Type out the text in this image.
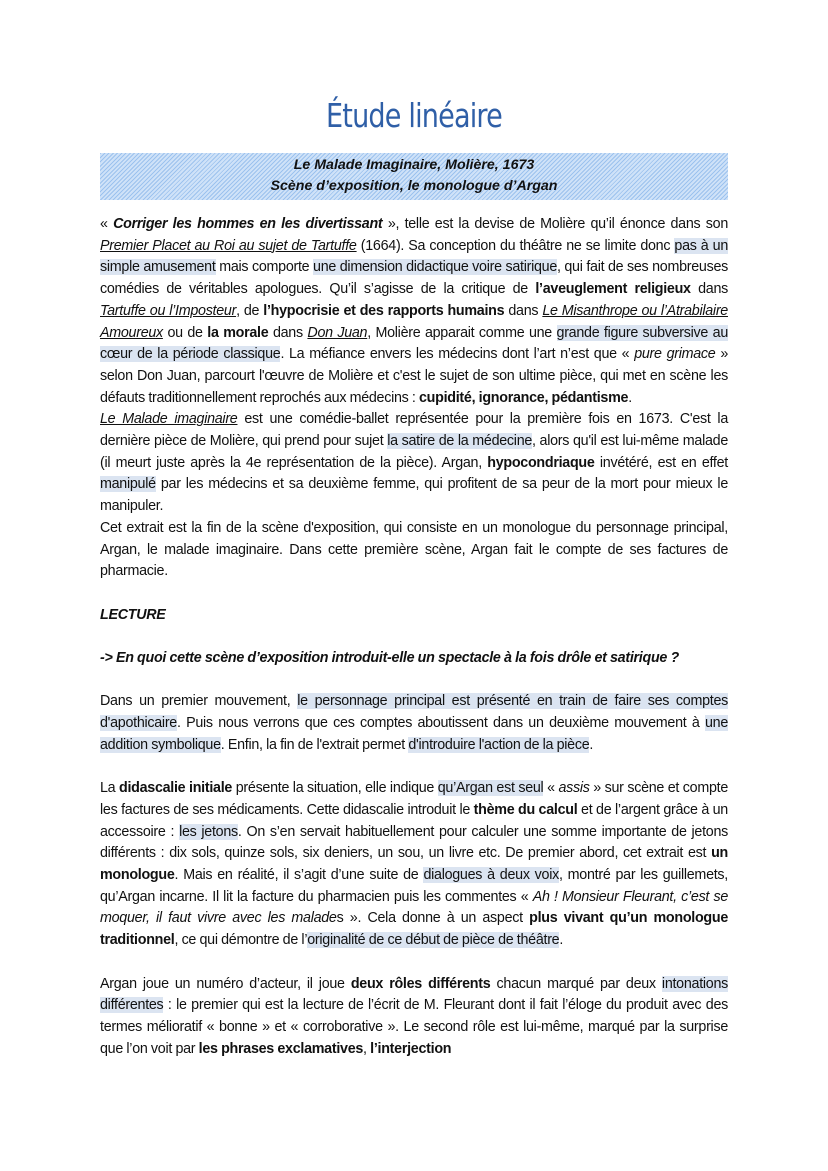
Étude linéaire
Le Malade Imaginaire, Molière, 1673
Scène d’exposition, le monologue d’Argan

« Corriger les hommes en les divertissant », telle est la devise de Molière qu’il énonce dans son Premier Placet au Roi au sujet de Tartuffe (1664). Sa conception du théâtre ne se limite donc pas à un simple amusement mais comporte une dimension didactique voire satirique, qui fait de ses nombreuses comédies de véritables apologues. Qu’il s’agisse de la critique de l’aveuglement religieux dans Tartuffe ou l’Imposteur, de l’hypocrisie et des rapports humains dans Le Misanthrope ou l’Atrabilaire Amoureux ou de la morale dans Don Juan, Molière apparait comme une grande figure subversive au cœur de la période classique. La méfiance envers les médecins dont l’art n’est que « pure grimace » selon Don Juan, parcourt l'œuvre de Molière et c'est le sujet de son ultime pièce, qui met en scène les défauts traditionnellement reprochés aux médecins : cupidité, ignorance, pédantisme.

Le Malade imaginaire est une comédie-ballet représentée pour la première fois en 1673. C'est la dernière pièce de Molière, qui prend pour sujet la satire de la médecine, alors qu'il est lui-même malade (il meurt juste après la 4e représentation de la pièce). Argan, hypocondriaque invétéré, est en effet manipulé par les médecins et sa deuxième femme, qui profitent de sa peur de la mort pour mieux le manipuler.

Cet extrait est la fin de la scène d'exposition, qui consiste en un monologue du personnage principal, Argan, le malade imaginaire. Dans cette première scène, Argan fait le compte de ses factures de pharmacie.

LECTURE

-> En quoi cette scène d’exposition introduit-elle un spectacle à la fois drôle et satirique ?

Dans un premier mouvement, le personnage principal est présenté en train de faire ses comptes d'apothicaire. Puis nous verrons que ces comptes aboutissent dans un deuxième mouvement à une addition symbolique. Enfin, la fin de l'extrait permet d'introduire l'action de la pièce.

La didascalie initiale présente la situation, elle indique qu’Argan est seul « assis » sur scène et compte les factures de ses médicaments. Cette didascalie introduit le thème du calcul et de l’argent grâce à un accessoire : les jetons. On s’en servait habituellement pour calculer une somme importante de jetons différents : dix sols, quinze sols, six deniers, un sou, un livre etc. De premier abord, cet extrait est un monologue. Mais en réalité, il s’agit d’une suite de dialogues à deux voix, montré par les guillemets, qu’Argan incarne. Il lit la facture du pharmacien puis les commentes « Ah ! Monsieur Fleurant, c’est se moquer, il faut vivre avec les malades ». Cela donne à un aspect plus vivant qu’un monologue traditionnel, ce qui démontre de l’originalité de ce début de pièce de théâtre.

Argan joue un numéro d’acteur, il joue deux rôles différents chacun marqué par deux intonations différentes : le premier qui est la lecture de l’écrit de M. Fleurant dont il fait l’éloge du produit avec des termes mélioratif « bonne » et « corroborative ». Le second rôle est lui-même, marqué par la surprise que l’on voit par les phrases exclamatives, l’interjection
